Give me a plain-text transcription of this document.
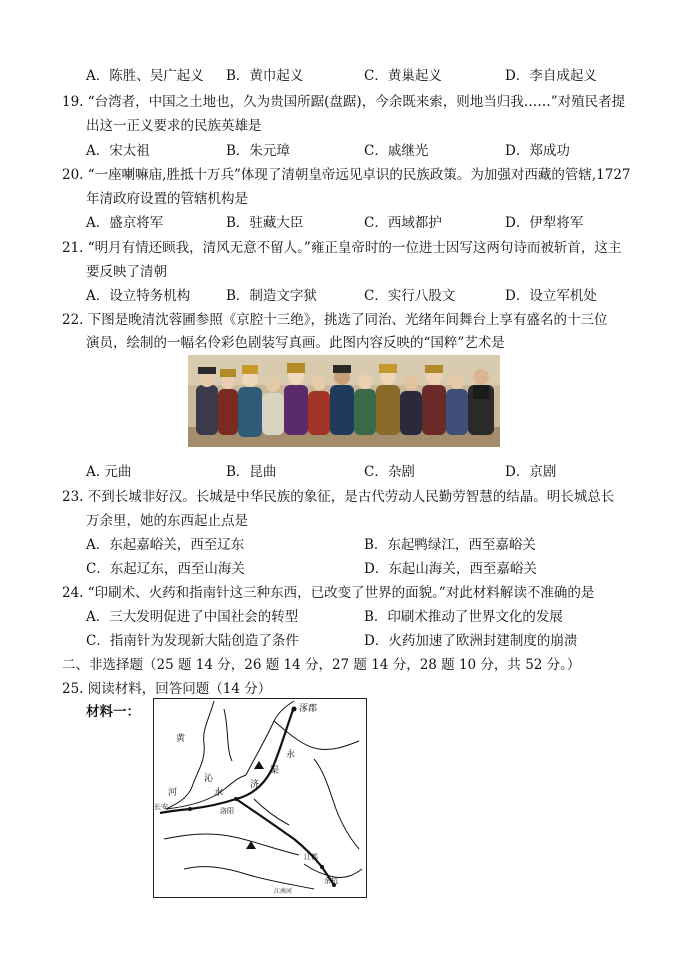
A．陈胜、吴广起义 B．黄巾起义	C．黄巢起义	D．李自成起义
19. “台湾者，中国之土地也，久为贵国所踞(盘踞)，今余既来索，则地当归我……”对殖民者提
出这一正义要求的民族英雄是
A．宋太祖	B．朱元璋	C．戚继光	D．郑成功
20. “一座喇嘛庙,胜抵十万兵”体现了清朝皇帝远见卓识的民族政策。为加强对西藏的管辖,1727
年清政府设置的管辖机构是
A．盛京将军	B．驻藏大臣	C．西域都护	D．伊犁将军
21. “明月有情还顾我，清风无意不留人。”雍正皇帝时的一位进士因写这两句诗而被斩首，这主
要反映了清朝
A．设立特务机构	B．制造文字狱	C．实行八股文	D．设立军机处
22. 下图是晚清沈蓉圃参照《京腔十三绝》，挑选了同治、光绪年间舞台上享有盛名的十三位
演员，绘制的一幅名伶彩色剧装写真画。此图内容反映的“国粹”艺术是
A. 元曲	B．昆曲	C．杂剧	D．京剧
23. 不到长城非好汉。长城是中华民族的象征，是古代劳动人民勤劳智慧的结晶。明长城总长
万余里，她的东西起止点是
A．东起嘉峪关，西至辽东	B．东起鸭绿江，西至嘉峪关
C．东起辽东，西至山海关	D．东起山海关，西至嘉峪关
24. “印刷术、火药和指南针这三种东西，已改变了世界的面貌。”对此材料解读不准确的是
A．三大发明促进了中国社会的转型	B．印刷术推动了世界文化的发展
C．指南针为发现新大陆创造了条件	D．火药加速了欧洲封建制度的崩溃
二、非选择题（25 题 14 分，26 题 14 分，27 题 14 分，28 题 10 分，共 52 分。）
25. 阅读材料，回答问题（14 分）
材料一：	涿郡
黄
永
济
渠
沁
河	水
长安	洛阳
江都
余杭
江南河
